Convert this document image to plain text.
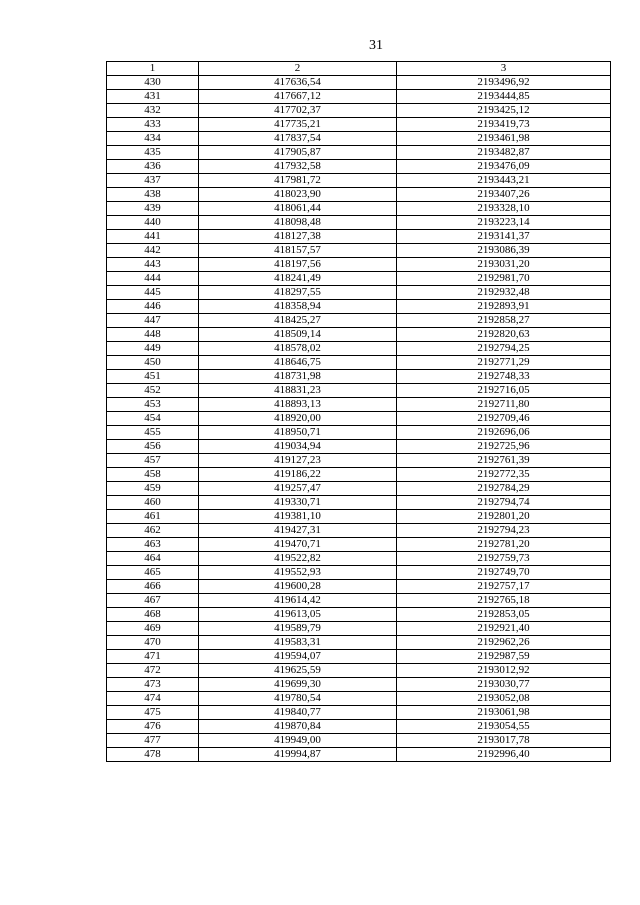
31
1	2	3
430	417636,54	2193496,92
431	417667,12	2193444,85
432	417702,37	2193425,12
433	417735,21	2193419,73
434	417837,54	2193461,98
435	417905,87	2193482,87
436	417932,58	2193476,09
437	417981,72	2193443,21
438	418023,90	2193407,26
439	418061,44	2193328,10
440	418098,48	2193223,14
441	418127,38	2193141,37
442	418157,57	2193086,39
443	418197,56	2193031,20
444	418241,49	2192981,70
445	418297,55	2192932,48
446	418358,94	2192893,91
447	418425,27	2192858,27
448	418509,14	2192820,63
449	418578,02	2192794,25
450	418646,75	2192771,29
451	418731,98	2192748,33
452	418831,23	2192716,05
453	418893,13	2192711,80
454	418920,00	2192709,46
455	418950,71	2192696,06
456	419034,94	2192725,96
457	419127,23	2192761,39
458	419186,22	2192772,35
459	419257,47	2192784,29
460	419330,71	2192794,74
461	419381,10	2192801,20
462	419427,31	2192794,23
463	419470,71	2192781,20
464	419522,82	2192759,73
465	419552,93	2192749,70
466	419600,28	2192757,17
467	419614,42	2192765,18
468	419613,05	2192853,05
469	419589,79	2192921,40
470	419583,31	2192962,26
471	419594,07	2192987,59
472	419625,59	2193012,92
473	419699,30	2193030,77
474	419780,54	2193052,08
475	419840,77	2193061,98
476	419870,84	2193054,55
477	419949,00	2193017,78
478	419994,87	2192996,40
